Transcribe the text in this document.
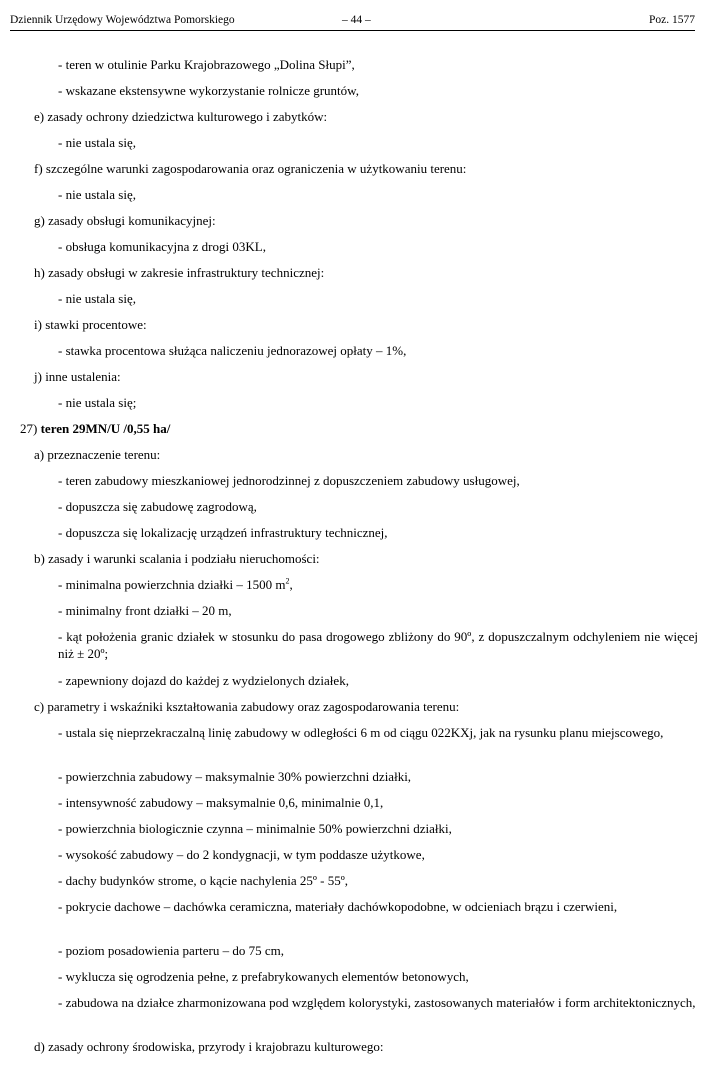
Dziennik Urzędowy Województwa Pomorskiego	– 44 –	Poz. 1577
- teren w otulinie Parku Krajobrazowego „Dolina Słupi”,
- wskazane ekstensywne wykorzystanie rolnicze gruntów,
e) zasady ochrony dziedzictwa kulturowego i zabytków:
- nie ustala się,
f) szczególne warunki zagospodarowania oraz ograniczenia w użytkowaniu terenu:
- nie ustala się,
g) zasady obsługi komunikacyjnej:
- obsługa komunikacyjna z drogi 03KL,
h) zasady obsługi w zakresie infrastruktury technicznej:
- nie ustala się,
i) stawki procentowe:
- stawka procentowa służąca naliczeniu jednorazowej opłaty – 1%,
j) inne ustalenia:
- nie ustala się;
27) teren 29MN/U /0,55 ha/
a) przeznaczenie terenu:
- teren zabudowy mieszkaniowej jednorodzinnej z dopuszczeniem zabudowy usługowej,
- dopuszcza się zabudowę zagrodową,
- dopuszcza się lokalizację urządzeń infrastruktury technicznej,
b) zasady i warunki scalania i podziału nieruchomości:
- minimalna powierzchnia działki – 1500 $m^2$,
- minimalny front działki – 20 m,
- kąt położenia granic działek w stosunku do pasa drogowego zbliżony do 90º, z dopuszczalnym odchyleniem nie więcej niż ± 20º;
- zapewniony dojazd do każdej z wydzielonych działek,
c) parametry i wskaźniki kształtowania zabudowy oraz zagospodarowania terenu:
- ustala się nieprzekraczalną linię zabudowy w odległości 6 m od ciągu 022KXj, jak na rysunku planu miejscowego,
- powierzchnia zabudowy – maksymalnie 30% powierzchni działki,
- intensywność zabudowy – maksymalnie 0,6, minimalnie 0,1,
- powierzchnia biologicznie czynna – minimalnie 50% powierzchni działki,
- wysokość zabudowy – do 2 kondygnacji, w tym poddasze użytkowe,
- dachy budynków strome, o kącie nachylenia 25º - 55º,
- pokrycie dachowe – dachówka ceramiczna, materiały dachówkopodobne, w odcieniach brązu i czerwieni,
- poziom posadowienia parteru – do 75 cm,
- wyklucza się ogrodzenia pełne, z prefabrykowanych elementów betonowych,
- zabudowa na działce zharmonizowana pod względem kolorystyki, zastosowanych materiałów i form architektonicznych,
d) zasady ochrony środowiska, przyrody i krajobrazu kulturowego:
